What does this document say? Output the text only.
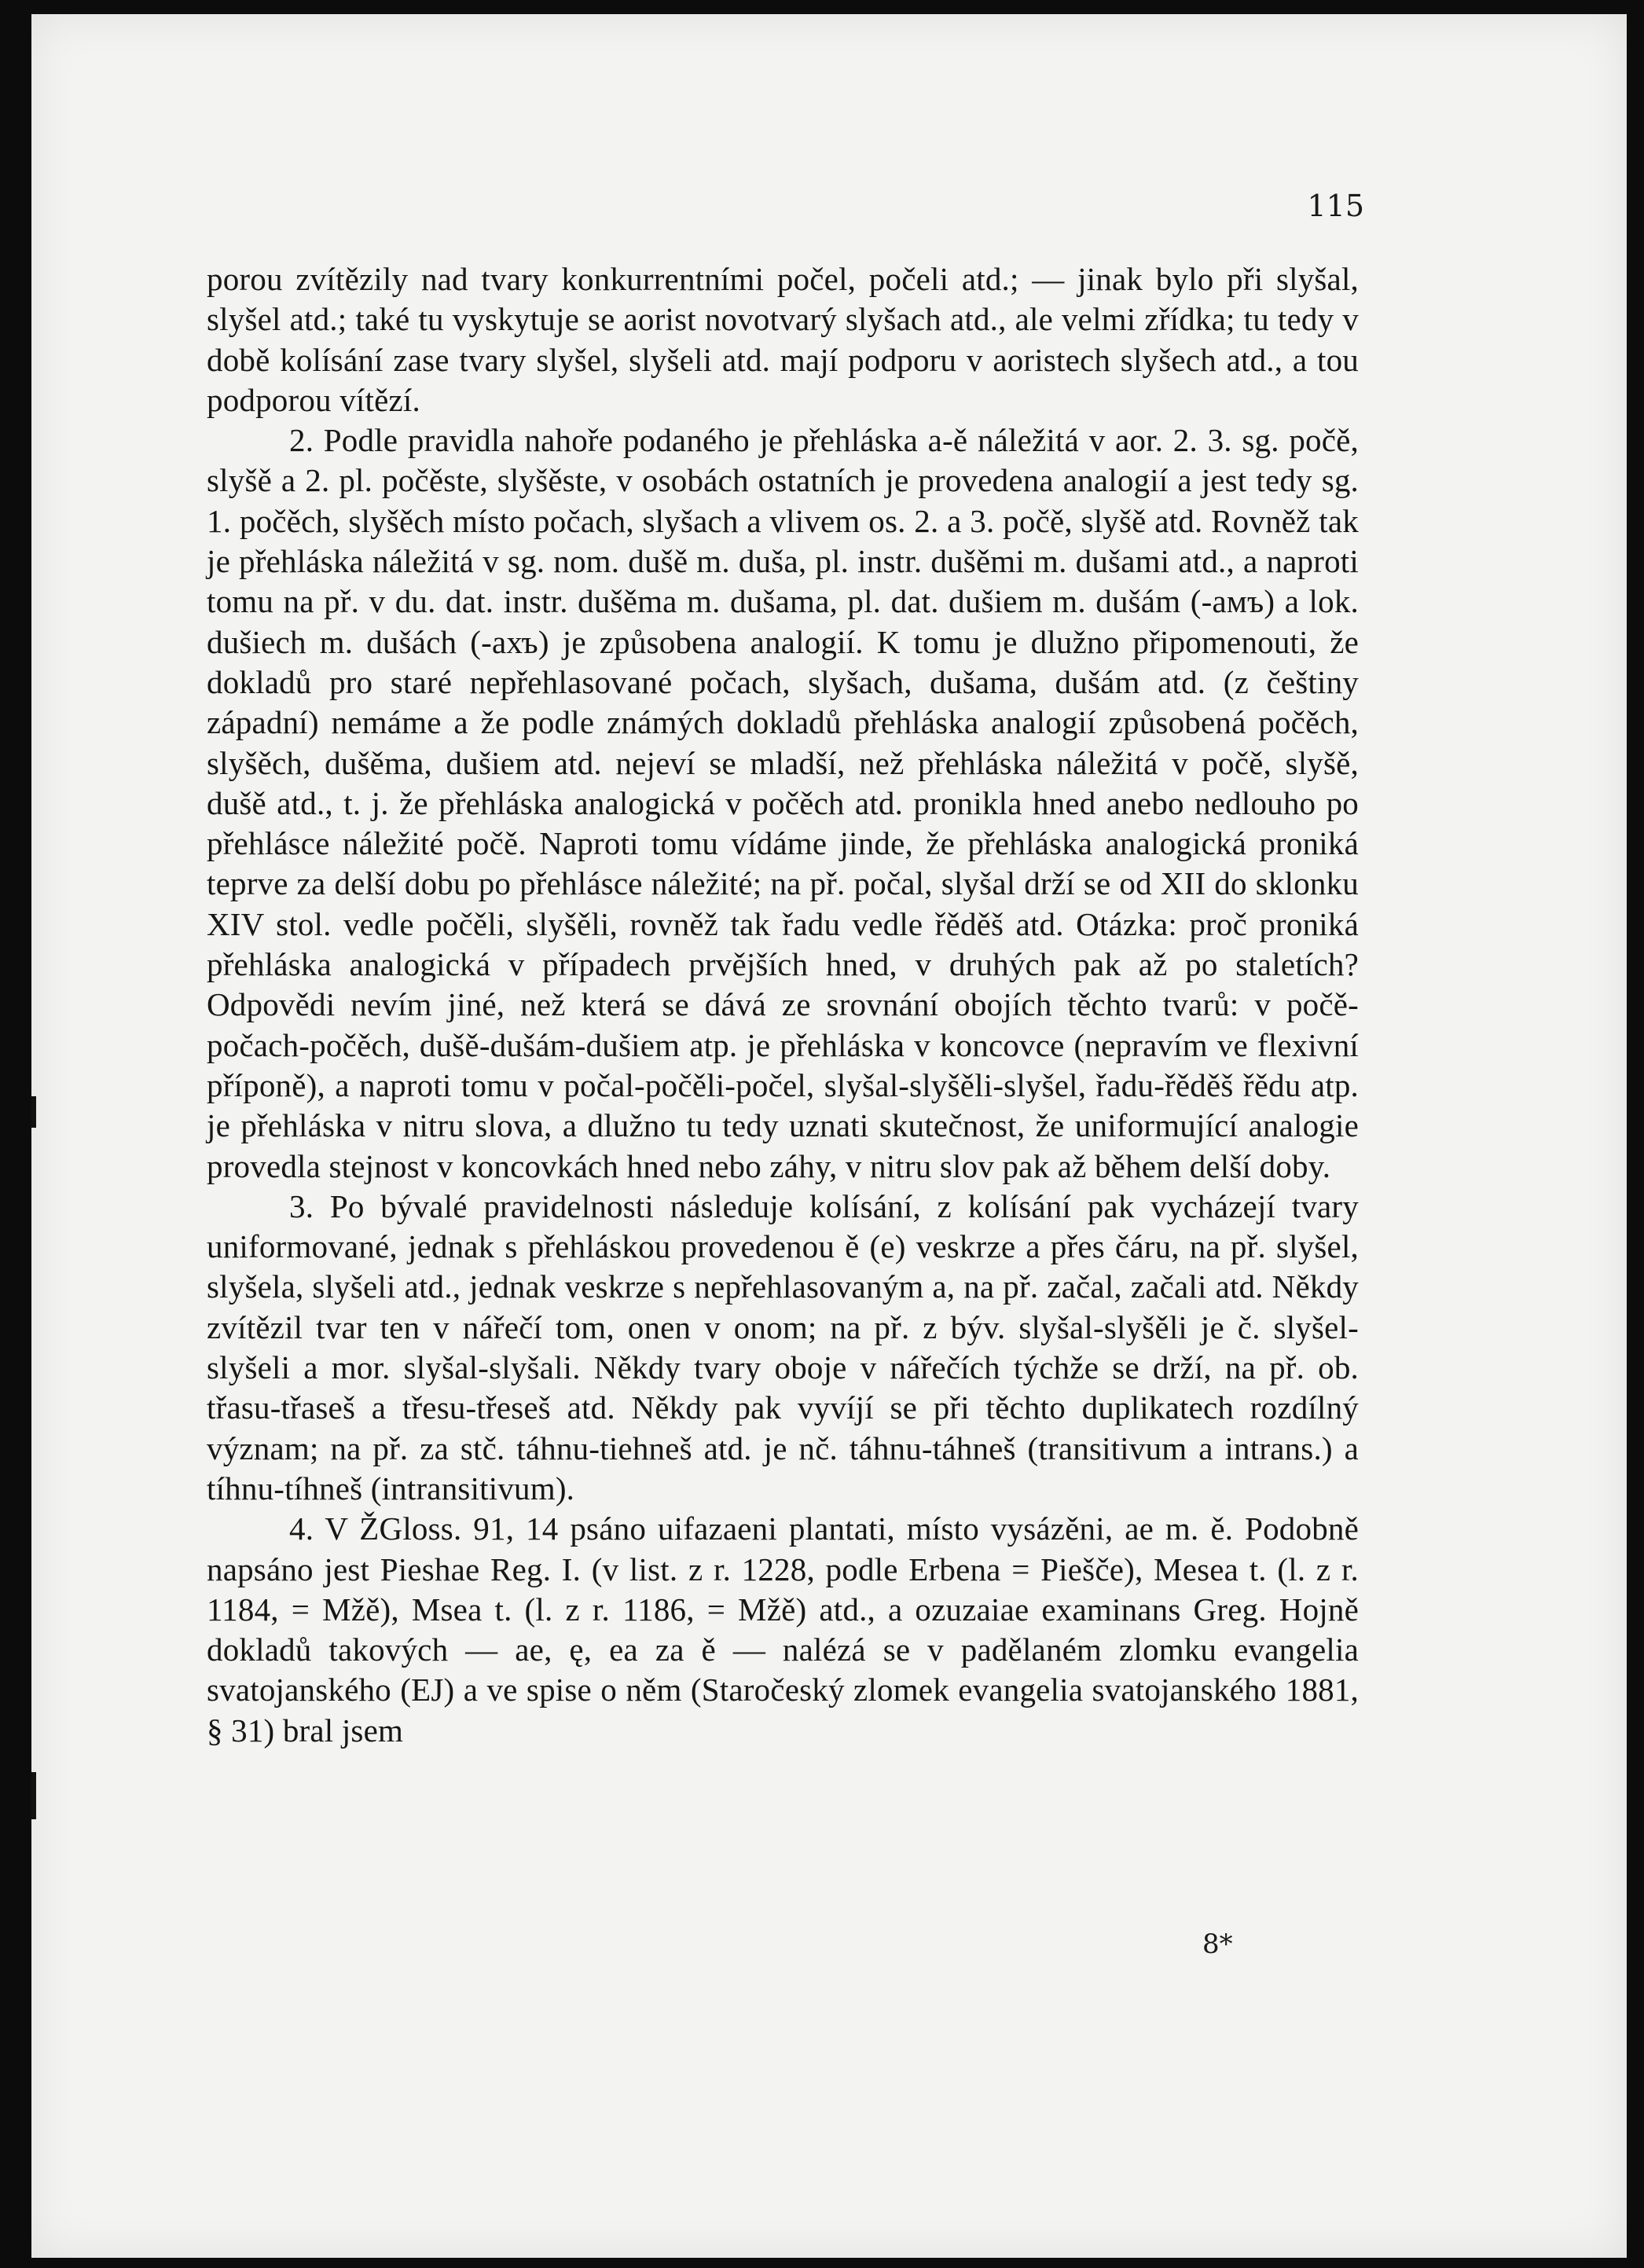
115

porou zvítězily nad tvary konkurrentními počel, počeli atd.; — jinak bylo při slyšal, slyšel atd.; také tu vyskytuje se aorist novotvarý slyšach atd., ale velmi zřídka; tu tedy v době kolísání zase tvary slyšel, slyšeli atd. mají podporu v aoristech slyšech atd., a tou podporou vítězí.

2. Podle pravidla nahoře podaného je přehláska a-ě náležitá v aor. 2. 3. sg. počě, slyšě a 2. pl. počěste, slyšěste, v osobách ostatních je provedena analogií a jest tedy sg. 1. počěch, slyšěch místo počach, slyšach a vlivem os. 2. a 3. počě, slyšě atd. Rovněž tak je přehláska náležitá v sg. nom. dušě m. duša, pl. instr. dušěmi m. dušami atd., a naproti tomu na př. v du. dat. instr. dušěma m. dušama, pl. dat. dušiem m. dušám (-амъ) a lok. dušiech m. dušách (-ахъ) je způsobena analogií. K tomu je dlužno připomenouti, že dokladů pro staré nepřehlasované počach, slyšach, dušama, dušám atd. (z češtiny západní) nemáme a že podle známých dokladů přehláska analogií způsobená počěch, slyšěch, dušěma, dušiem atd. nejeví se mladší, než přehláska náležitá v počě, slyšě, dušě atd., t. j. že přehláska analogická v počěch atd. pronikla hned anebo nedlouho po přehlásce náležité počě. Naproti tomu vídáme jinde, že přehláska analogická proniká teprve za delší dobu po přehlásce náležité; na př. počal, slyšal drží se od XII do sklonku XIV stol. vedle počěli, slyšěli, rovněž tak řadu vedle řěděš atd. Otázka: proč proniká přehláska analogická v případech prvějších hned, v druhých pak až po staletích? Odpovědi nevím jiné, než která se dává ze srovnání obojích těchto tvarů: v počě-počach-počěch, dušě-dušám-dušiem atp. je přehláska v koncovce (nepravím ve flexivní příponě), a naproti tomu v počal-počěli-počel, slyšal-slyšěli-slyšel, řadu-řěděš řědu atp. je přehláska v nitru slova, a dlužno tu tedy uznati skutečnost, že uniformující analogie provedla stejnost v koncovkách hned nebo záhy, v nitru slov pak až během delší doby.

3. Po bývalé pravidelnosti následuje kolísání, z kolísání pak vycházejí tvary uniformované, jednak s přehláskou provedenou ě (e) veskrze a přes čáru, na př. slyšel, slyšela, slyšeli atd., jednak veskrze s nepřehlasovaným a, na př. začal, začali atd. Někdy zvítězil tvar ten v nářečí tom, onen v onom; na př. z býv. slyšal-slyšěli je č. slyšel-slyšeli a mor. slyšal-slyšali. Někdy tvary oboje v nářečích týchže se drží, na př. ob. třasu-třaseš a třesu-třeseš atd. Někdy pak vyvíjí se při těchto duplikatech rozdílný význam; na př. za stč. táhnu-tiehneš atd. je nč. táhnu-táhneš (transitivum a intrans.) a tíhnu-tíhneš (intransitivum).

4. V ŽGloss. 91, 14 psáno uifazaeni plantati, místo vysázěni, ae m. ě. Podobně napsáno jest Pieshae Reg. I. (v list. z r. 1228, podle Erbena = Piešče), Mesea t. (l. z r. 1184, = Mžě), Msea t. (l. z r. 1186, = Mžě) atd., a ozuzaiae examinans Greg. Hojně dokladů takových — ae, ę, ea za ě — nalézá se v padělaném zlomku evangelia svatojanského (EJ) a ve spise o něm (Staročeský zlomek evangelia svatojanského 1881, § 31) bral jsem

8*
